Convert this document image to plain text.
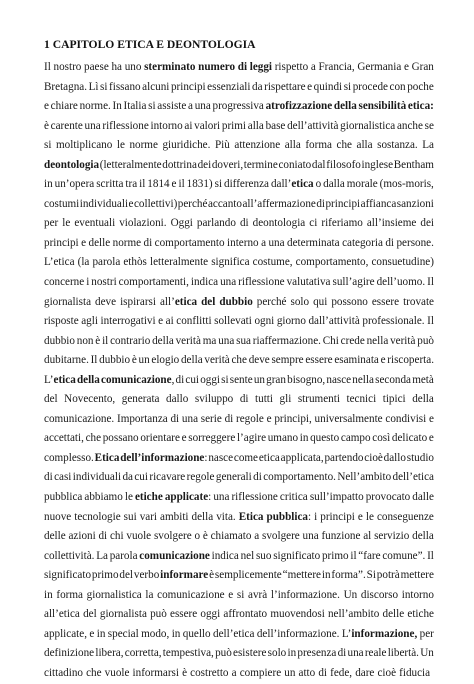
1 CAPITOLO ETICA E DEONTOLOGIA
Il nostro paese ha uno sterminato numero di leggi rispetto a Francia, Germania e Gran
Bretagna. Lì si fissano alcuni principi essenziali da rispettare e quindi si procede con poche
e chiare norme. In Italia si assiste a una progressiva atrofizzazione della sensibilità etica:
è carente una riflessione intorno ai valori primi alla base dell’attività giornalistica anche se
si moltiplicano le norme giuridiche. Più attenzione alla forma che alla sostanza. La
deontologia (letteralmente dottrina dei doveri, termine coniato dal filosofo inglese Bentham
in un’opera scritta tra il 1814 e il 1831) si differenza dall’etica o dalla morale (mos-moris,
costumi individuali e collettivi) perché accanto all’affermazione di principi affianca sanzioni
per le eventuali violazioni. Oggi parlando di deontologia ci riferiamo all’insieme dei
principi e delle norme di comportamento interno a una determinata categoria di persone.
L’etica (la parola ethòs letteralmente significa costume, comportamento, consuetudine)
concerne i nostri comportamenti, indica una riflessione valutativa sull’agire dell’uomo. Il
giornalista deve ispirarsi all’etica del dubbio perché solo qui possono essere trovate
risposte agli interrogativi e ai conflitti sollevati ogni giorno dall’attività professionale. Il
dubbio non è il contrario della verità ma una sua riaffermazione. Chi crede nella verità può
dubitarne. Il dubbio è un elogio della verità che deve sempre essere esaminata e riscoperta.
L’etica della comunicazione, di cui oggi si sente un gran bisogno, nasce nella seconda metà
del Novecento, generata dallo sviluppo di tutti gli strumenti tecnici tipici della
comunicazione. Importanza di una serie di regole e principi, universalmente condivisi e
accettati, che possano orientare e sorreggere l’agire umano in questo campo così delicato e
complesso. Etica dell’informazione: nasce come etica applicata, partendo cioè dallo studio
di casi individuali da cui ricavare regole generali di comportamento. Nell’ambito dell’etica
pubblica abbiamo le etiche applicate: una riflessione critica sull’impatto provocato dalle
nuove tecnologie sui vari ambiti della vita. Etica pubblica: i principi e le conseguenze
delle azioni di chi vuole svolgere o è chiamato a svolgere una funzione al servizio della
collettività. La parola comunicazione indica nel suo significato primo il “fare comune”. Il
significato primo del verbo informare è semplicemente “mettere in forma”. Si potrà mettere
in forma giornalistica la comunicazione e si avrà l’informazione. Un discorso intorno
all’etica del giornalista può essere oggi affrontato muovendosi nell’ambito delle etiche
applicate, e in special modo, in quello dell’etica dell’informazione. L’informazione, per
definizione libera, corretta, tempestiva, può esistere solo in presenza di una reale libertà. Un
cittadino che vuole informarsi è costretto a compiere un atto di fede, dare cioè fiducia
